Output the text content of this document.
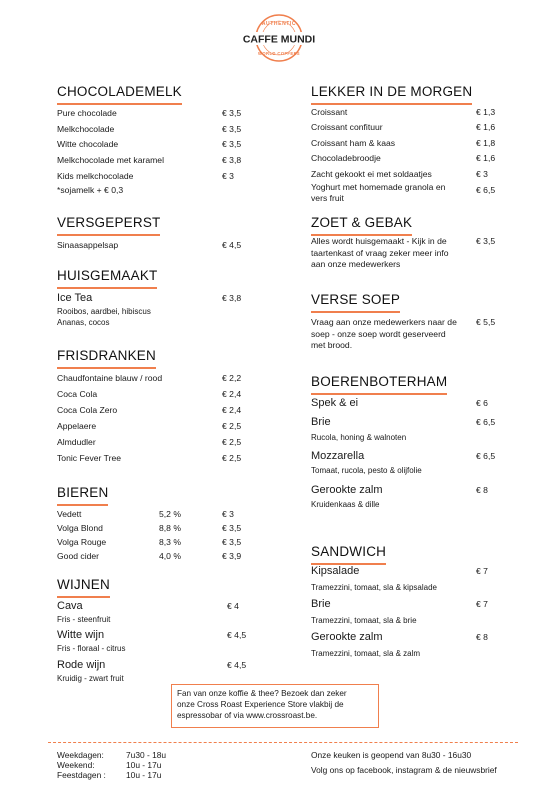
AUTHENTIC
WORLD COFFEES
CAFFE MUNDI
CHOCOLADEMELK
Pure chocolade	€ 3,5
Melkchocolade	€ 3,5
Witte chocolade	€ 3,5
Melkchocolade met karamel	€ 3,8
Kids melkchocolade	€ 3
*sojamelk + € 0,3
VERSGEPERST
Sinaasappelsap	€ 4,5
HUISGEMAAKT
Ice Tea	€ 3,8
Rooibos, aardbei, hibiscus
Ananas, cocos
FRISDRANKEN
Chaudfontaine blauw / rood	€ 2,2
Coca Cola	€ 2,4
Coca Cola Zero	€ 2,4
Appelaere	€ 2,5
Almdudler	€ 2,5
Tonic Fever Tree	€ 2,5
BIEREN
Vedett	5,2 %	€ 3
Volga Blond	8,8 %	€ 3,5
Volga Rouge	8,3 %	€ 3,5
Good cider	4,0 %	€ 3,9
WIJNEN
Cava	€ 4
Fris - steenfruit
Witte wijn	€ 4,5
Fris - floraal - citrus
Rode wijn	€ 4,5
Kruidig - zwart fruit
LEKKER IN DE MORGEN
Croissant	€ 1,3
Croissant confituur	€ 1,6
Croissant ham & kaas	€ 1,8
Chocoladebroodje	€ 1,6
Zacht gekookt ei met soldaatjes	€ 3
Yoghurt met homemade granola en	€ 6,5
vers fruit
ZOET & GEBAK
Alles wordt huisgemaakt - Kijk in de	€ 3,5
taartenkast of vraag zeker meer info
aan onze medewerkers
VERSE SOEP
Vraag aan onze medewerkers naar de € 5,5
soep - onze soep wordt geserveerd
met brood.
BOERENBOTERHAM
Spek & ei	€ 6
Brie	€ 6,5
Rucola, honing & walnoten
Mozzarella	€ 6,5
Tomaat, rucola, pesto & olijfolie
Gerookte zalm	€ 8
Kruidenkaas & dille
SANDWICH
Kipsalade	€ 7
Tramezzini, tomaat, sla & kipsalade
Brie	€ 7
Tramezzini, tomaat, sla & brie
Gerookte zalm	€ 8
Tramezzini, tomaat, sla & zalm
Fan van onze koffie & thee? Bezoek dan zeker
onze Cross Roast Experience Store vlakbij de
espressobar of via www.crossroast.be.
Weekdagen:	7u30 - 18u
Weekend:	10u - 17u
Feestdagen : 10u - 17u
Onze keuken is geopend van 8u30 - 16u30
Volg ons op facebook, instagram & de nieuwsbrief
